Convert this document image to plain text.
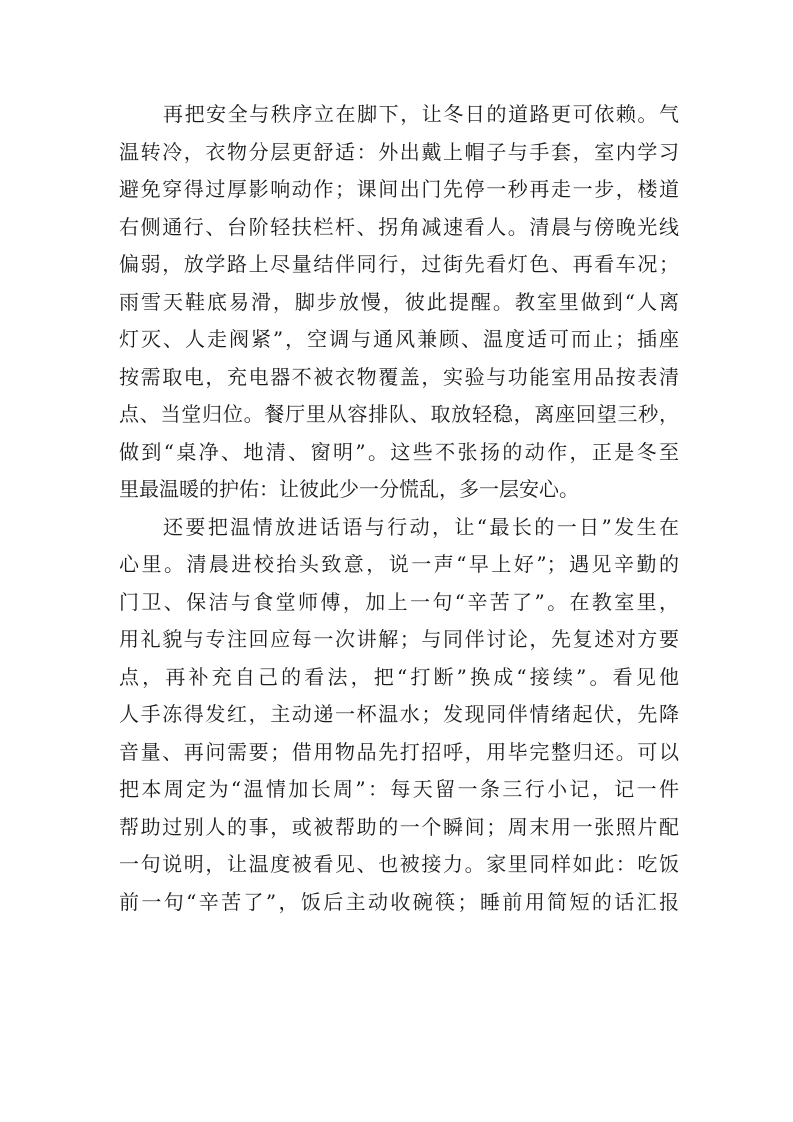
再把安全与秩序立在脚下，让冬日的道路更可依赖。气
温转冷，衣物分层更舒适：外出戴上帽子与手套，室内学习
避免穿得过厚影响动作；课间出门先停一秒再走一步，楼道
右侧通行、台阶轻扶栏杆、拐角减速看人。清晨与傍晚光线
偏弱，放学路上尽量结伴同行，过街先看灯色、再看车况；
雨雪天鞋底易滑，脚步放慢，彼此提醒。教室里做到“人离
灯灭、人走阀紧”，空调与通风兼顾、温度适可而止；插座
按需取电，充电器不被衣物覆盖，实验与功能室用品按表清
点、当堂归位。餐厅里从容排队、取放轻稳，离座回望三秒，
做到“桌净、地清、窗明”。这些不张扬的动作，正是冬至
里最温暖的护佑：让彼此少一分慌乱，多一层安心。
还要把温情放进话语与行动，让“最长的一日”发生在
心里。清晨进校抬头致意，说一声“早上好”；遇见辛勤的
门卫、保洁与食堂师傅，加上一句“辛苦了”。在教室里，
用礼貌与专注回应每一次讲解；与同伴讨论，先复述对方要
点，再补充自己的看法，把“打断”换成“接续”。看见他
人手冻得发红，主动递一杯温水；发现同伴情绪起伏，先降
音量、再问需要；借用物品先打招呼，用毕完整归还。可以
把本周定为“温情加长周”：每天留一条三行小记，记一件
帮助过别人的事，或被帮助的一个瞬间；周末用一张照片配
一句说明，让温度被看见、也被接力。家里同样如此：吃饭
前一句“辛苦了”，饭后主动收碗筷；睡前用简短的话汇报
